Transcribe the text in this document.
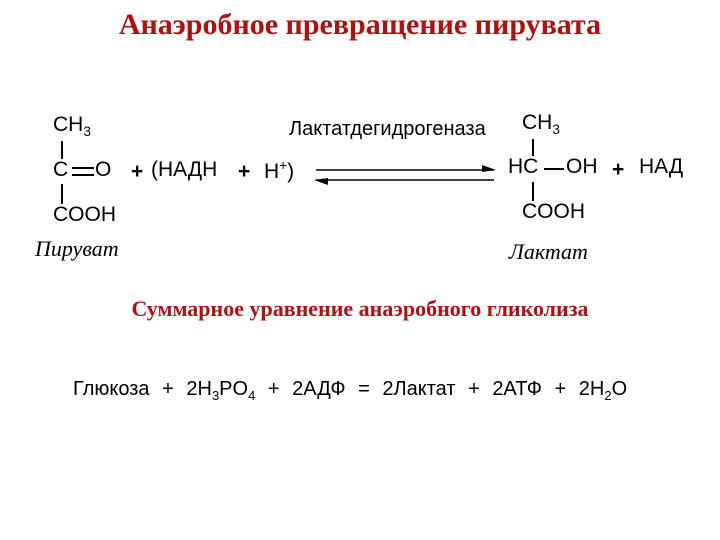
Анаэробное превращение пирувата
$CH_3$
C O
COOH
Пируват
+ (НАДН + H+)
Лактатдегидрогеназа $CH_3$
HC OH + НАД
COOH
Лактат
Суммарное уравнение анаэробного гликолиза
Глюкоза + $2H_3PO_4 + 2АДФ$ = 2Лактат + $2АТФ + 2H_2O$
